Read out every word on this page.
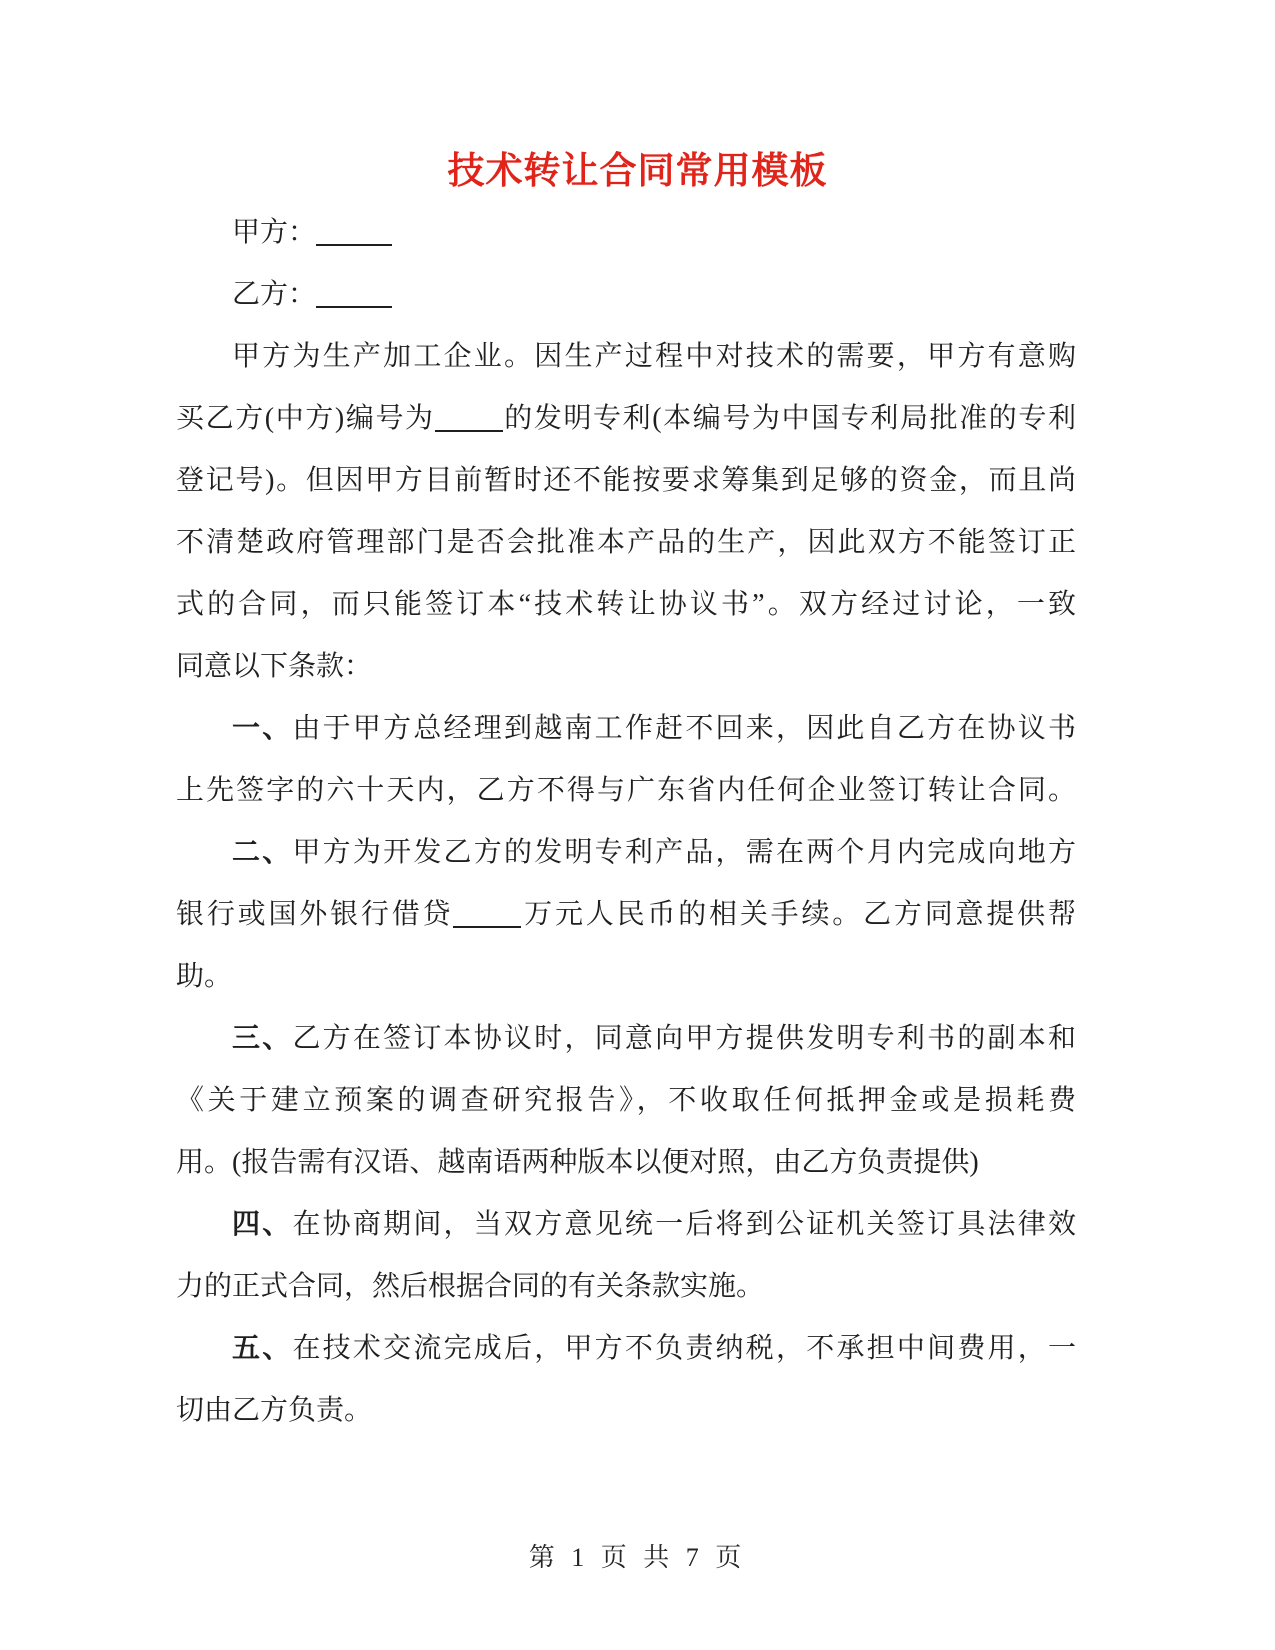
技术转让合同常用模板
甲方：
乙方：
甲方为生产加工企业。因生产过程中对技术的需要，甲方有意购
买乙方(中方)编号为 的发明专利(本编号为中国专利局批准的专利
登记号)。但因甲方目前暂时还不能按要求筹集到足够的资金，而且尚
不清楚政府管理部门是否会批准本产品的生产，因此双方不能签订正
式的合同，而只能签订本“技术转让协议书”。双方经过讨论，一致
同意以下条款：
一、由于甲方总经理到越南工作赶不回来，因此自乙方在协议书
上先签字的六十天内，乙方不得与广东省内任何企业签订转让合同。
二、甲方为开发乙方的发明专利产品，需在两个月内完成向地方
银行或国外银行借贷 万元人民币的相关手续。乙方同意提供帮
助。
三、乙方在签订本协议时，同意向甲方提供发明专利书的副本和
《关于建立预案的调查研究报告》，不收取任何抵押金或是损耗费
用。(报告需有汉语、越南语两种版本以便对照，由乙方负责提供)
四、在协商期间，当双方意见统一后将到公证机关签订具法律效
力的正式合同，然后根据合同的有关条款实施。
五、在技术交流完成后，甲方不负责纳税，不承担中间费用，一
切由乙方负责。
第 1 页 共 7 页
